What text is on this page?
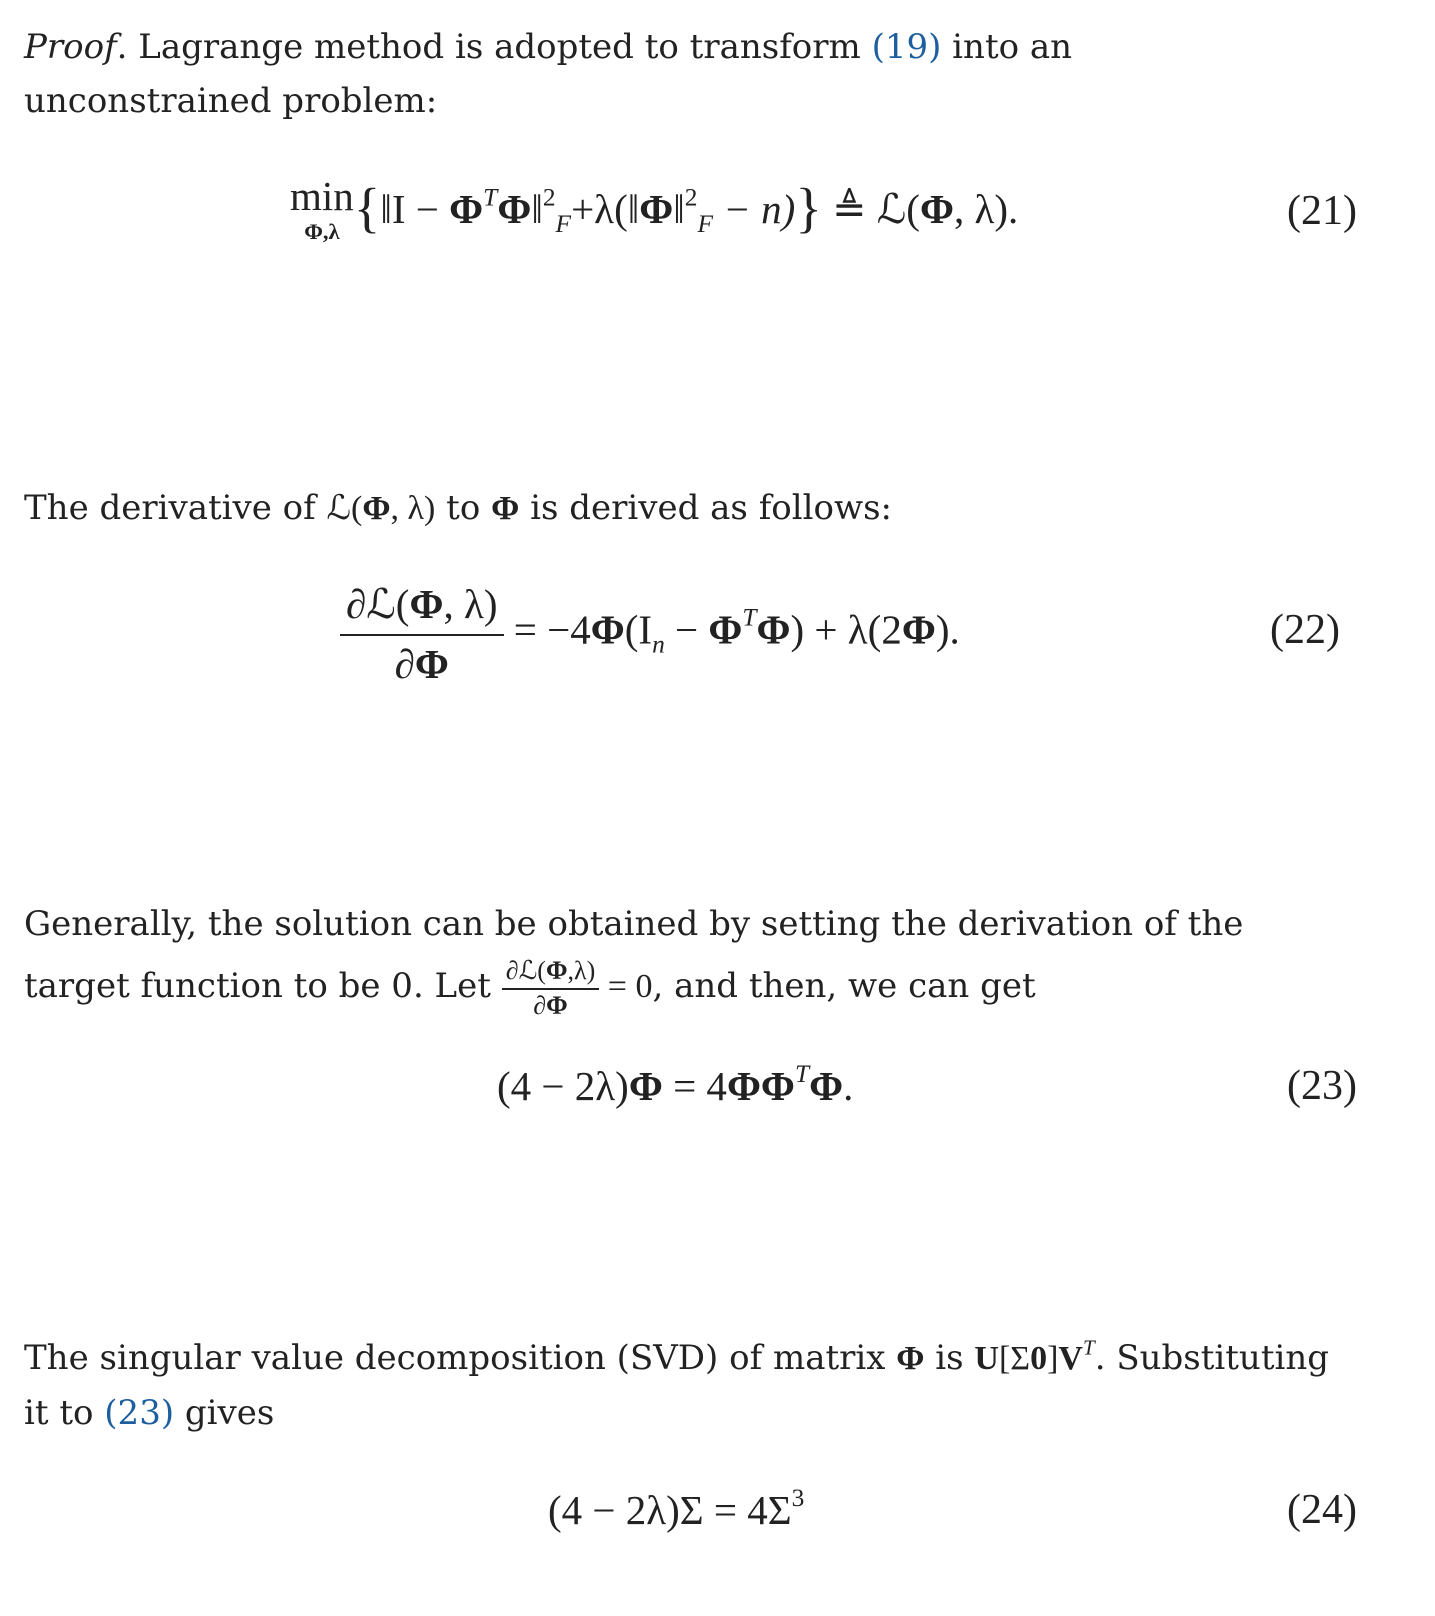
Proof. Lagrange method is adopted to transform (19) into an unconstrained problem:

min
Φ,λ {‖I − $\Phi^T\Phi‖^2_F+\lambda(‖\Phi‖^2_F - n)$} ≜ ℒ(Φ, λ).	(21)

The derivative of ℒ(Φ, λ) to Φ is derived as follows:

$\frac{\text{∂ℒ(Φ, λ)}}{\partial\Phi} = -4\Phi(I_n - \Phi^T\Phi) + \lambda(2\Phi)$.	(22)

Generally, the solution can be obtained by setting the derivation of the target function to be 0. Let $\frac{\text{∂ℒ(Φ,λ)}}{\partial\Phi} = 0$, and then, we can get

$(4 - 2\lambda)\Phi = 4\Phi\Phi^T\Phi$.	(23)

The singular value decomposition (SVD) of matrix Φ is $U[\Sigma 0]V^T$. Substituting it to (23) gives

$(4 - 2\lambda)\Sigma = 4\Sigma^3$	(24)
